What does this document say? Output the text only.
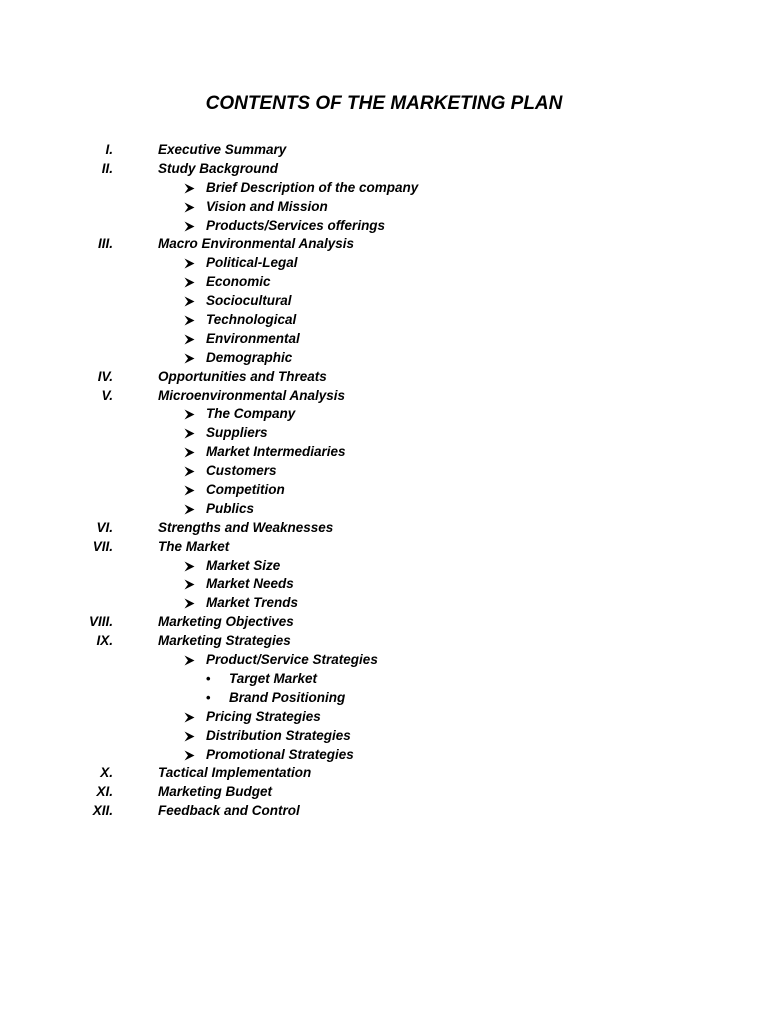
CONTENTS OF THE MARKETING PLAN
I.	Executive Summary
II.	Study Background
Brief Description of the company
Vision and Mission
Products/Services offerings
III.	Macro Environmental Analysis
Political-Legal
Economic
Sociocultural
Technological
Environmental
Demographic
IV.	Opportunities and Threats
V.	Microenvironmental Analysis
The Company
Suppliers
Market Intermediaries
Customers
Competition
Publics
VI.	Strengths and Weaknesses
VII.	The Market
Market Size
Market Needs
Market Trends
VIII.	Marketing Objectives
IX.	Marketing Strategies
Product/Service Strategies
• Target Market
• Brand Positioning
Pricing Strategies
Distribution Strategies
Promotional Strategies
X.	Tactical Implementation
XI.	Marketing Budget
XII.	Feedback and Control
